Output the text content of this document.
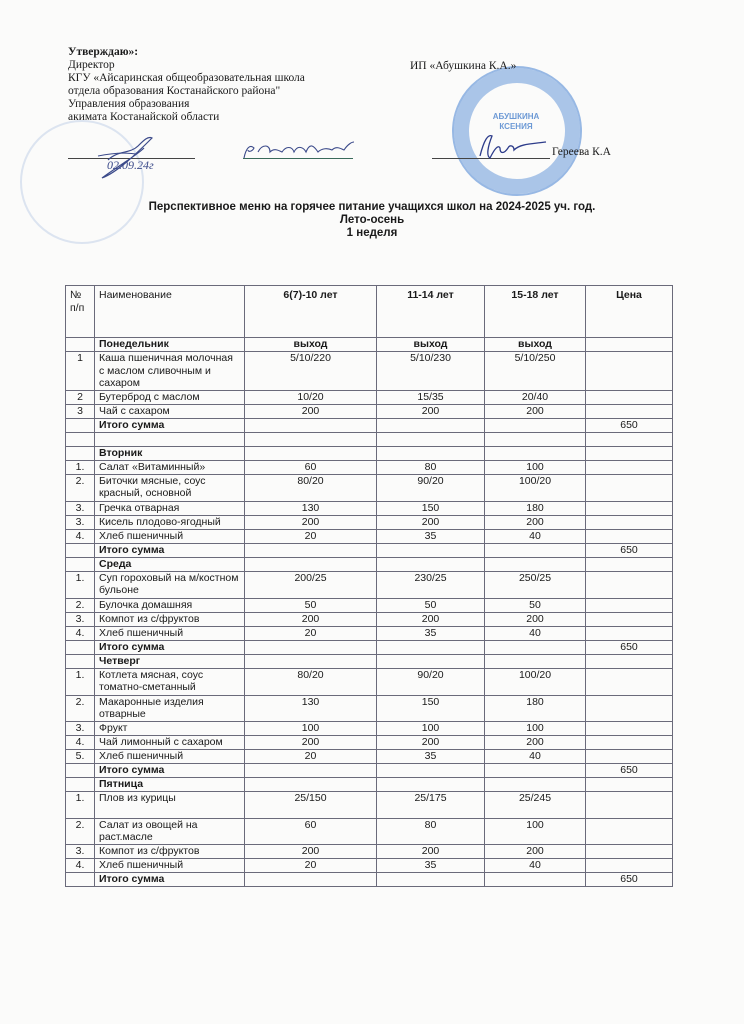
АБУШКИНА
КСЕНИЯ
Утверждаю»:
Директор
КГУ «Айсаринская общеобразовательная школа
отдела образования Костанайского района"
Управления образования
акимата Костанайской области
ИП «Абушкина К.А.»
02.09.24г
Гереева К.А
Перспективное меню на горячее питание учащихся школ на 2024-2025 уч. год.
Лето-осень
1 неделя
№ п/п	Наименование	6(7)-10 лет	11-14 лет	15-18 лет	Цена
	Понедельник	выход	выход	выход	
1	Каша пшеничная молочная с маслом сливочным и сахаром	5/10/220	5/10/230	5/10/250	
2	Бутерброд с маслом	10/20	15/35	20/40	
3	Чай с сахаром	200	200	200	
	Итого сумма				650

	Вторник				
1.	Салат «Витаминный»	60	80	100	
2.	Биточки мясные, соус красный, основной	80/20	90/20	100/20	
3.	Гречка отварная	130	150	180	
3.	Кисель плодово-ягодный	200	200	200	
4.	Хлеб пшеничный	20	35	40	
	Итого сумма				650
	Среда				
1.	Суп гороховый на м/костном бульоне	200/25	230/25	250/25	
2.	Булочка домашняя	50	50	50	
3.	Компот из с/фруктов	200	200	200	
4.	Хлеб пшеничный	20	35	40	
	Итого сумма				650
	Четверг				
1.	Котлета мясная, соус томатно-сметанный	80/20	90/20	100/20	
2.	Макаронные изделия отварные	130	150	180	
3.	Фрукт	100	100	100	
4.	Чай лимонный с сахаром	200	200	200	
5.	Хлеб пшеничный	20	35	40	
	Итого сумма				650
	Пятница				
1.	Плов из курицы	25/150	25/175	25/245	
2.	Салат из овощей на раст.масле	60	80	100	
3.	Компот из с/фруктов	200	200	200	
4.	Хлеб пшеничный	20	35	40	
	Итого сумма				650
